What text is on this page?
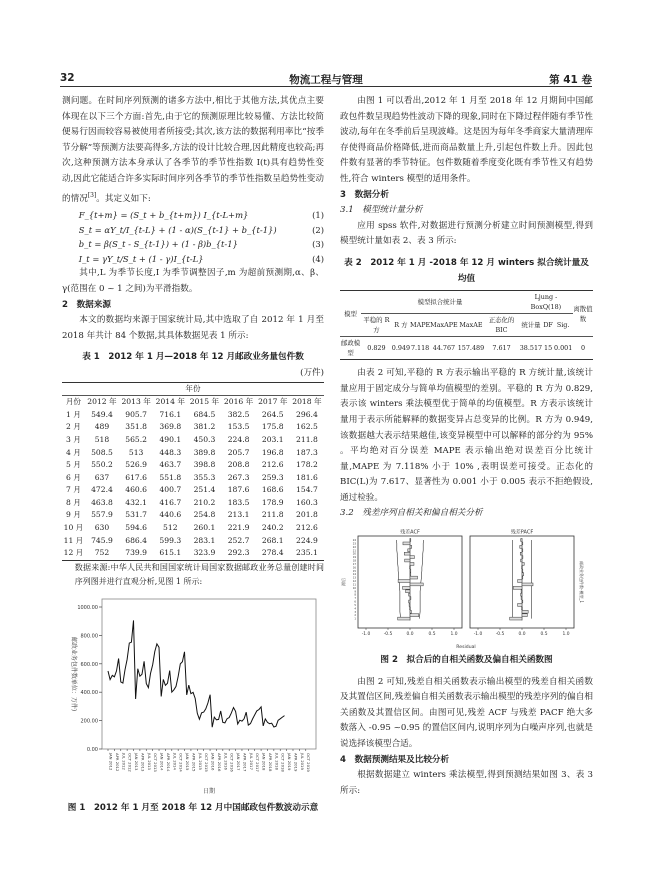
32	物流工程与管理	第 41 卷

测问题。在时间序列预测的诸多方法中,相比于其他方法,其优点主要体现在以下三个方面:首先,由于它的预测原理比较易懂、方法比较简便易行因而较容易被使用者所接受;其次,该方法的数据利用率比“按季节分解”等预测方法要高得多,方法的设计比较合理,因此精度也较高;再次,这种预测方法本身承认了各季节的季节性指数 I(t)具有趋势性变动,因此它能适合许多实际时间序列各季节的季节性指数呈趋势性变动的情况[3]。其定义如下:

F_{t+m} = (S_t + b_{t+m}) I_{t-L+m}	(1)
S_t = αY_t/I_{t-L} + (1 - α)(S_{t-1} + b_{t-1})	(2)
b_t = β(S_t - S_{t-1}) + (1 - β)b_{t-1}	(3)
I_t = γY_t/S_t + (1 - γ)I_{t-L}	(4)

其中,L 为季节长度,I 为季节调整因子,m 为超前预测期,α、β、γ(范围在 0 ~ 1 之间)为平滑指数。

2　数据来源

本文的数据均来源于国家统计局,其中选取了自 2012 年 1 月至 2018 年共计 84 个数据,其具体数据见表 1 所示:

表 1　2012 年 1 月—2018 年 12 月邮政业务量包件数
(万件)
年份							
月份	2012 年	2013 年	2014 年	2015 年	2016 年	2017 年	2018 年
1 月	549.4	905.7	716.1	684.5	382.5	264.5	296.4
2 月	489	351.8	369.8	381.2	153.5	175.8	162.5
3 月	518	565.2	490.1	450.3	224.8	203.1	211.8
4 月	508.5	513	448.3	389.8	205.7	196.8	187.3
5 月	550.2	526.9	463.7	398.8	208.8	212.6	178.2
6 月	637	617.6	551.8	355.3	267.3	259.3	181.6
7 月	472.4	460.6	400.7	251.4	187.6	168.6	154.7
8 月	463.8	432.1	416.7	210.2	183.5	178.9	160.3
9 月	557.9	531.7	440.6	254.8	213.1	211.8	201.8
10 月	630	594.6	512	260.1	221.9	240.2	212.6
11 月	745.9	686.4	599.3	283.1	252.7	268.1	224.9
12 月	752	739.9	615.1	323.9	292.3	278.4	235.1

数据来源:中华人民共和国国家统计局国家数据邮政业务总量创建时间序列图并进行直观分析,见图 1 所示:

0.00
200.00
400.00
600.00
800.00
1000.00
邮政业务包件数单位：万件)
JAN 2012 APR 2012 JUL 2012 OCT 2012 JAN 2013 APR 2013 JUL 2013 OCT 2013 JAN 2014 APR 2014 JUL 2014 OCT 2014 JAN 2015 APR 2015 JUL 2015 OCT 2015 JAN 2016 APR 2016 JUL 2016 OCT 2016 JAN 2017 APR 2017 JUL 2017 OCT 2017 JAN 2018 APR 2018 JUL 2018 OCT 2018 JAN 2019 APR 2019 JUL 2019 OCT 2019
日期
图 1　2012 年 1 月至 2018 年 12 月中国邮政包件数波动示意

由图 1 可以看出,2012 年 1 月至 2018 年 12 月期间中国邮政包件数呈现趋势性波动下降的现象,同时在下降过程伴随有季节性波动,每年在冬季前后呈现波峰。这是因为每年冬季商家大量清理库存使得商品价格降低,进而商品数量上升,引起包件数上升。因此包件数有显著的季节特征。包件数随着季度变化既有季节性又有趋势性,符合 winters 模型的适用条件。

3　数据分析

3.1　模型统计量分析

应用 spss 软件,对数据进行预测分析建立时间预测模型,得到模型统计量如表 2、表 3 所示:

表 2　2012 年 1 月 -2018 年 12 月 winters 拟合统计量及均值
模型	模型拟合统计量						Ljung - BoxQ(18)			离散值数
	平稳的 R 方	R 方	MAPE	MaxAPE	MaxAE	正态化的 BIC	统计量	DF	Sig.	
邮政模型	0.829	0.949	7.118	44.767	157.489	7.617	38.517	15	0.001	0

由表 2 可知,平稳的 R 方表示输出平稳的 R 方统计量,该统计量应用于固定成分与简单均值模型的差别。平稳的 R 方为 0.829,表示该 winters 乘法模型优于简单的均值模型。R 方表示该统计量用于表示所能解释的数据变异占总变异的比例。R 方为 0.949,该数据越大表示结果越佳,该变异模型中可以解释的部分约为 95% 。平均绝对百分误差 MAPE 表示输出绝对误差百分比统计量,MAPE 为 7.118% 小于 10% ,表明误差可接受。正态化的 BIC(L)为 7.617、显著性为 0.001 小于 0.005 表示不拒绝假设,通过检验。

3.2　残差序列自相关和偏自相关分析

残差ACF
1
2
3
4
5
6
7
8
9
10
11
12
13
14
15
16
17
18
19
20
21
22
23
24
滞后
-1.0	-0.5	0.0	0.5	1.0
残差PACF
邮政业务包件数-模型_1
-1.0	-0.5	0.0	0.5	1.0
Residual
图 2　拟合后的自相关函数及偏自相关函数图

由图 2 可知,残差自相关函数表示输出模型的残差自相关函数及其置信区间,残差偏自相关函数表示输出模型的残差序列的偏自相关函数及其置信区间。由图可见,残差 ACF 与残差 PACF 绝大多数落入 -0.95 ~0.95 的置信区间内,说明序列为白噪声序列,也就是说选择该模型合适。

4　数据预测结果及比较分析

根据数据建立 winters 乘法模型,得到预测结果如图 3、表 3 所示:
